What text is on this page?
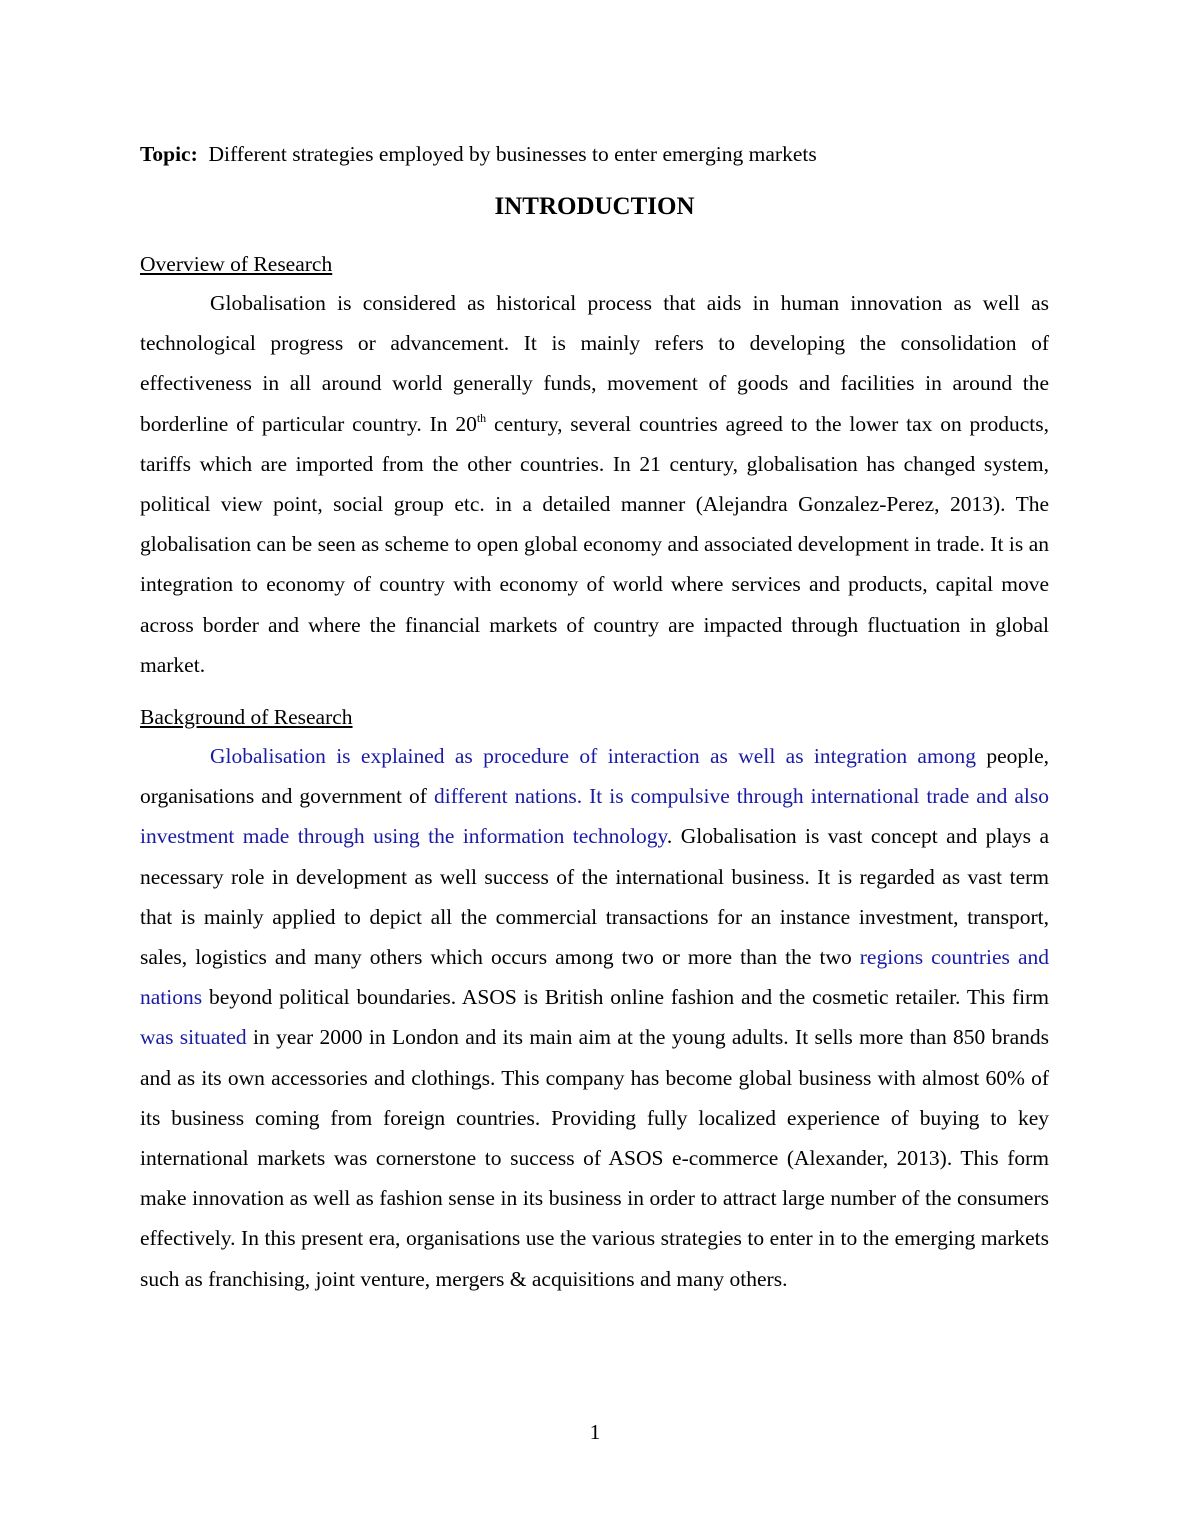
Topic: Different strategies employed by businesses to enter emerging markets
INTRODUCTION
Overview of Research

Globalisation is considered as historical process that aids in human innovation as well as technological progress or advancement. It is mainly refers to developing the consolidation of effectiveness in all around world generally funds, movement of goods and facilities in around the borderline of particular country. In 20th century, several countries agreed to the lower tax on products, tariffs which are imported from the other countries. In 21 century, globalisation has changed system, political view point, social group etc. in a detailed manner (Alejandra Gonzalez-Perez, 2013). The globalisation can be seen as scheme to open global economy and associated development in trade. It is an integration to economy of country with economy of world where services and products, capital move across border and where the financial markets of country are impacted through fluctuation in global market.

Background of Research

Globalisation is explained as procedure of interaction as well as integration among people, organisations and government of different nations. It is compulsive through international trade and also investment made through using the information technology. Globalisation is vast concept and plays a necessary role in development as well success of the international business. It is regarded as vast term that is mainly applied to depict all the commercial transactions for an instance investment, transport, sales, logistics and many others which occurs among two or more than the two regions countries and nations beyond political boundaries. ASOS is British online fashion and the cosmetic retailer. This firm was situated in year 2000 in London and its main aim at the young adults. It sells more than 850 brands and as its own accessories and clothings. This company has become global business with almost 60% of its business coming from foreign countries. Providing fully localized experience of buying to key international markets was cornerstone to success of ASOS e-commerce (Alexander, 2013). This form make innovation as well as fashion sense in its business in order to attract large number of the consumers effectively. In this present era, organisations use the various strategies to enter in to the emerging markets such as franchising, joint venture, mergers & acquisitions and many others.

1
